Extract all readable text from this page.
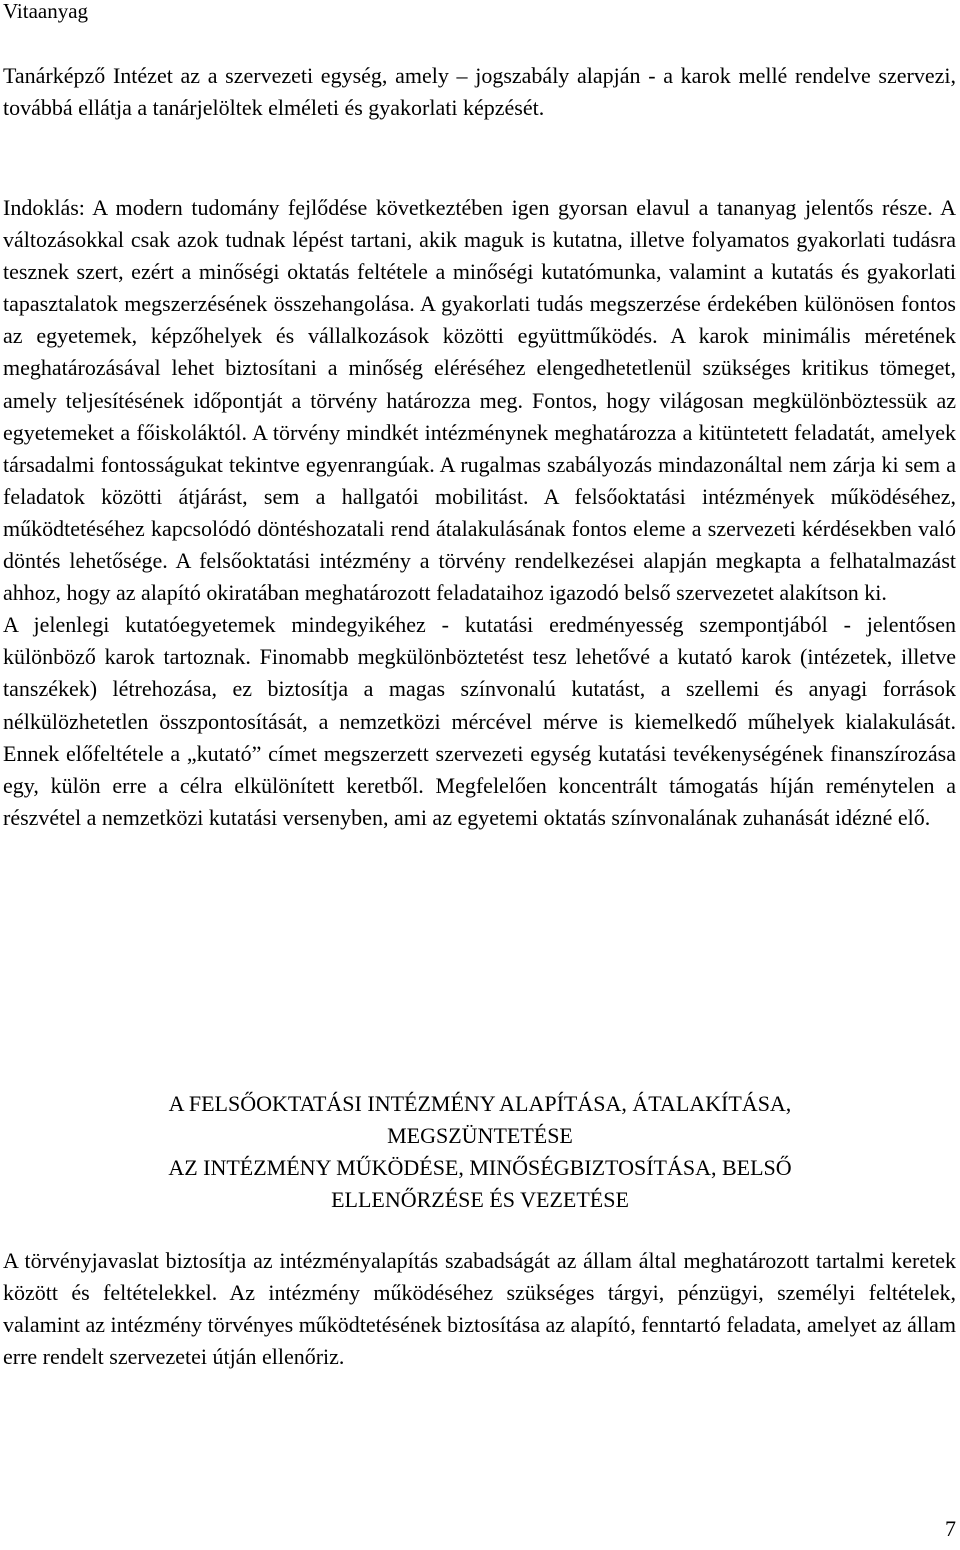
Vitaanyag

Tanárképző Intézet az a szervezeti egység, amely – jogszabály alapján - a karok mellé rendelve szervezi, továbbá ellátja a tanárjelöltek elméleti és gyakorlati képzését.

Indoklás: A modern tudomány fejlődése következtében igen gyorsan elavul a tananyag jelentős része. A változásokkal csak azok tudnak lépést tartani, akik maguk is kutatna, illetve folyamatos gyakorlati tudásra tesznek szert, ezért a minőségi oktatás feltétele a minőségi kutatómunka, valamint a kutatás és gyakorlati tapasztalatok megszerzésének összehangolása. A gyakorlati tudás megszerzése érdekében különösen fontos az egyetemek, képzőhelyek és vállalkozások közötti együttműködés. A karok minimális méretének meghatározásával lehet biztosítani a minőség eléréséhez elengedhetetlenül szükséges kritikus tömeget, amely teljesítésének időpontját a törvény határozza meg. Fontos, hogy világosan megkülönböztessük az egyetemeket a főiskoláktól. A törvény mindkét intézménynek meghatározza a kitüntetett feladatát, amelyek társadalmi fontosságukat tekintve egyenrangúak. A rugalmas szabályozás mindazonáltal nem zárja ki sem a feladatok közötti átjárást, sem a hallgatói mobilitást. A felsőoktatási intézmények működéséhez, működtetéséhez kapcsolódó döntéshozatali rend átalakulásának fontos eleme a szervezeti kérdésekben való döntés lehetősége. A felsőoktatási intézmény a törvény rendelkezései alapján megkapta a felhatalmazást ahhoz, hogy az alapító okiratában meghatározott feladataihoz igazodó belső szervezetet alakítson ki.

A jelenlegi kutatóegyetemek mindegyikéhez - kutatási eredményesség szempontjából - jelentősen különböző karok tartoznak. Finomabb megkülönböztetést tesz lehetővé a kutató karok (intézetek, illetve tanszékek) létrehozása, ez biztosítja a magas színvonalú kutatást, a szellemi és anyagi források nélkülözhetetlen összpontosítását, a nemzetközi mércével mérve is kiemelkedő műhelyek kialakulását. Ennek előfeltétele a „kutató” címet megszerzett szervezeti egység kutatási tevékenységének finanszírozása egy, külön erre a célra elkülönített keretből. Megfelelően koncentrált támogatás híján reménytelen a részvétel a nemzetközi kutatási versenyben, ami az egyetemi oktatás színvonalának zuhanását idézné elő.

A FELSŐOKTATÁSI INTÉZMÉNY ALAPÍTÁSA, ÁTALAKÍTÁSA,
MEGSZÜNTETÉSE
AZ INTÉZMÉNY MŰKÖDÉSE, MINŐSÉGBIZTOSÍTÁSA, BELSŐ
ELLENŐRZÉSE ÉS VEZETÉSE

A törvényjavaslat biztosítja az intézményalapítás szabadságát az állam által meghatározott tartalmi keretek között és feltételekkel. Az intézmény működéséhez szükséges tárgyi, pénzügyi, személyi feltételek, valamint az intézmény törvényes működtetésének biztosítása az alapító, fenntartó feladata, amelyet az állam erre rendelt szervezetei útján ellenőriz.

7
